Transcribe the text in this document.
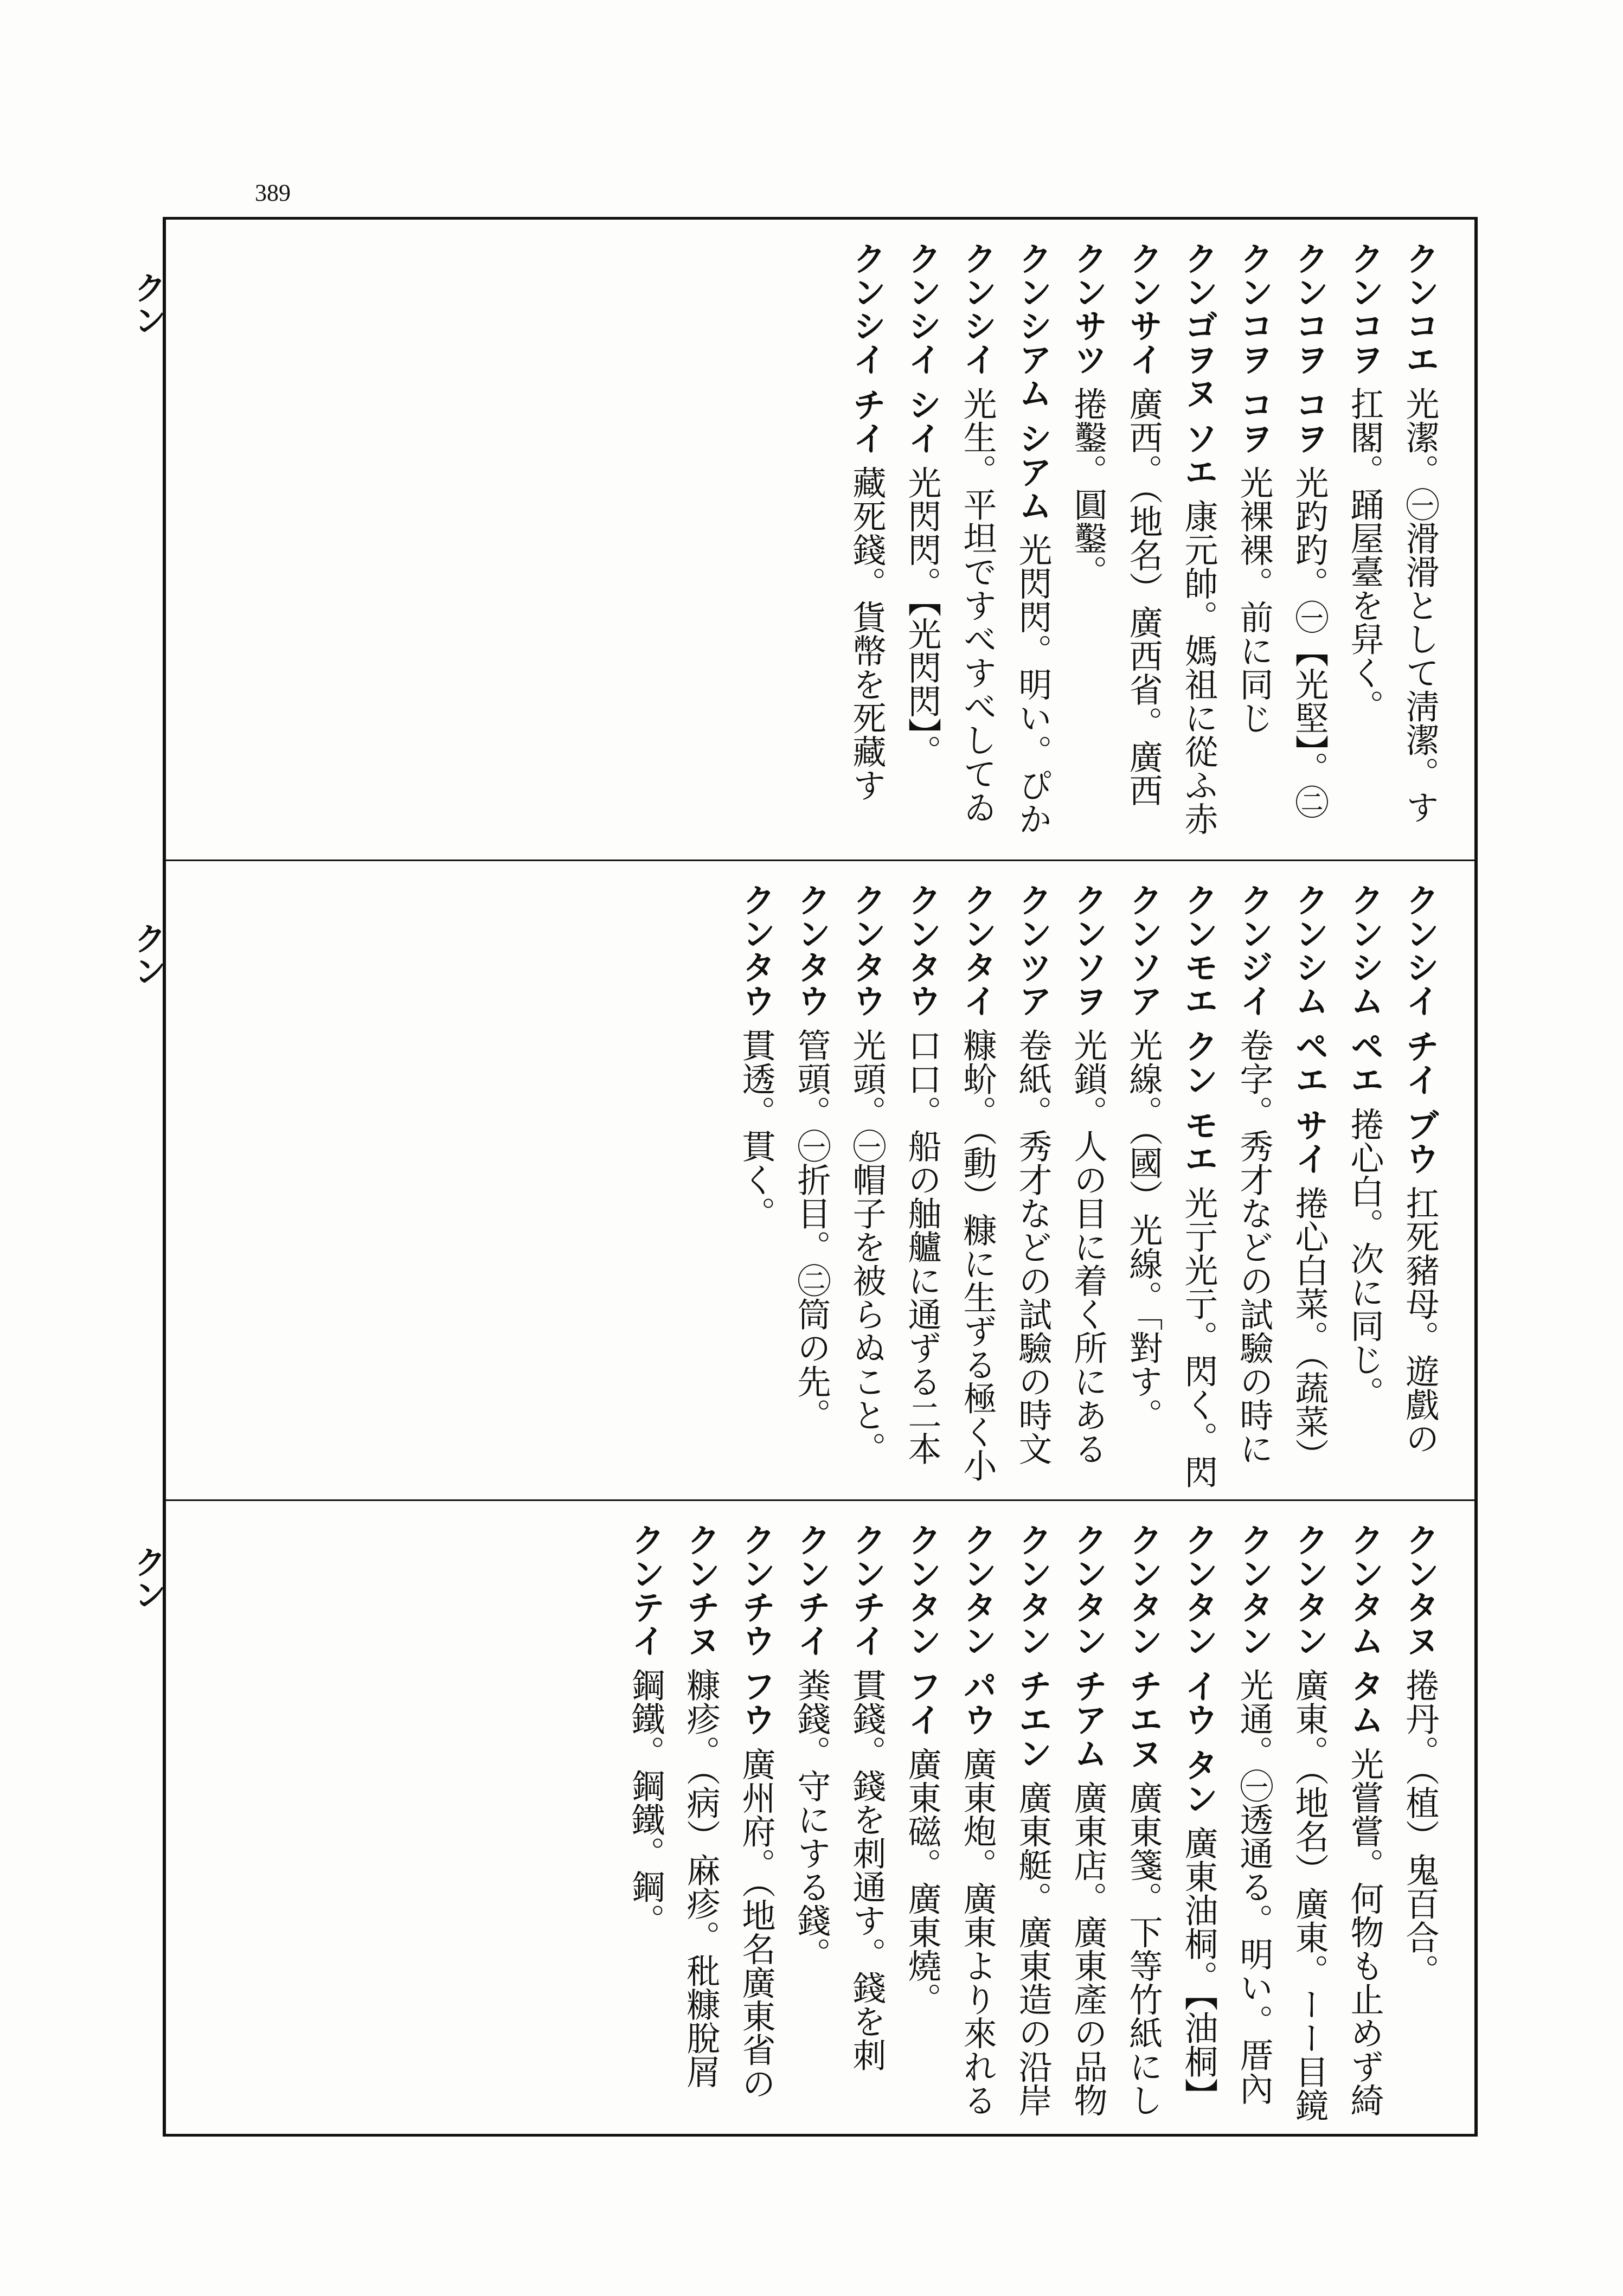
389
クン
クン
クン
クンコエ 光潔。㊀滑滑として淸潔。す
クンコヲ 扛閣。踊屋臺を舁く。
クンコヲ コヲ 光趵趵。㊀【光堅】。㊁
クンコヲ コヲ 光裸裸。前に同じ
クンゴヲヌ ソエ 康元帥。媽祖に從ふ赤
クンサイ 廣西。（地名）廣西省。廣西
クンサツ 捲鑿。圓鑿。
クンシアム シアム 光閃閃。明い。ぴか
クンシイ 光生。平坦ですべすべしてゐ
クンシイ シイ 光閃閃。【光閃閃】。
クンシイ チイ 藏死錢。貨幣を死藏す
クンシイ チイ ブウ 扛死豬母。遊戲の
クンシム ペエ 捲心白。次に同じ。
クンシム ペエ サイ 捲心白菜。（蔬菜）
クンジイ 卷字。秀才などの試驗の時に
クンモエ クン モエ 光亍光亍。閃く。閃
クンソア 光線。（國）光線。「對す。
クンソヲ 光鎖。人の目に着く所にある
クンツア 卷紙。秀才などの試驗の時文
クンタイ 糠蚧。（動）糠に生ずる極く小
クンタウ 口口。船の舳艫に通ずる二本
クンタウ 光頭。㊀帽子を被らぬこと。
クンタウ 管頭。㊀折目。㊁筒の先。
クンタウ 貫透。貫く。
クンタヌ 捲丹。（植）鬼百合。
クンタム タム 光嘗嘗。何物も止めず綺
クンタン 廣東。（地名）廣東。ーー目鏡
クンタン 光通。㊀透通る。明い。厝內
クンタン イウ タン 廣東油桐。【油桐】
クンタン チエヌ 廣東箋。下等竹紙にし
クンタン チアム 廣東店。廣東產の品物
クンタン チエン 廣東艇。廣東造の沿岸
クンタン パウ 廣東炮。廣東より來れる
クンタン フイ 廣東磁。廣東燒。
クンチイ 貫錢。錢を刺通す。錢を刺
クンチイ 粪錢。守にする錢。
クンチウ フウ 廣州府。（地名廣東省の
クンチヌ 糠疹。（病）麻疹。秕糠脫屑
クンテイ 鋼鐵。鋼鐵。鋼。
